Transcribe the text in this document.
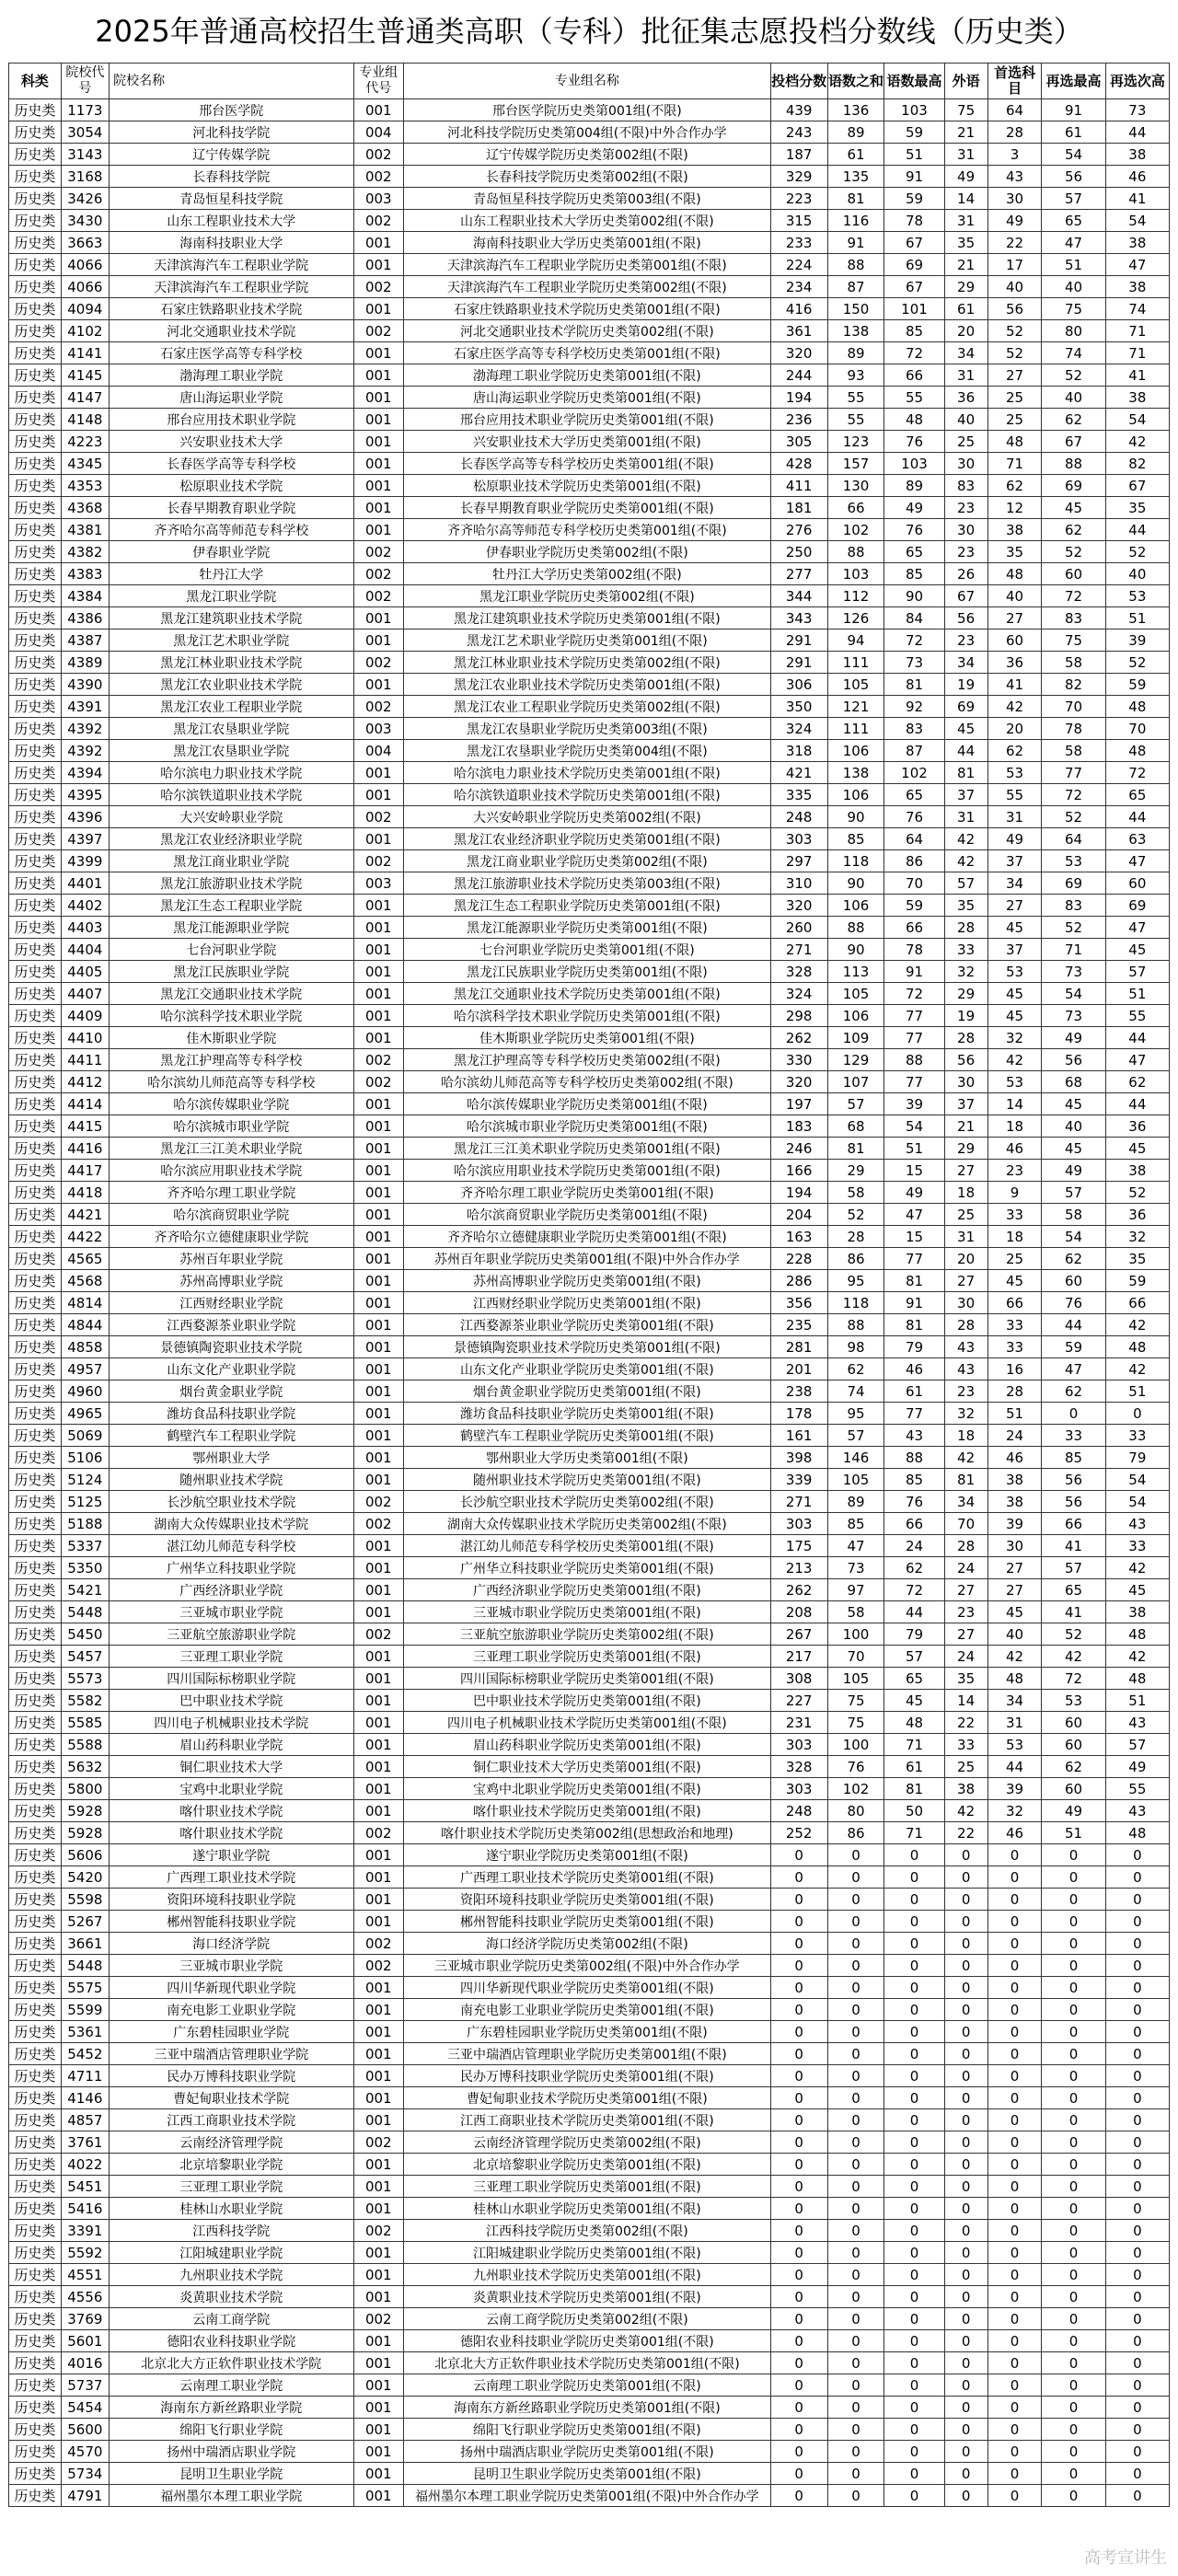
2025年普通高校招生普通类高职（专科）批征集志愿投档分数线（历史类）
科类	院校代号	院校名称	专业组代号	专业组名称	投档分数	语数之和	语数最高	外语	首选科目	再选最高	再选次高
历史类	1173	邢台医学院	001	邢台医学院历史类第001组(不限)	439	136	103	75	64	91	73
历史类	3054	河北科技学院	004	河北科技学院历史类第004组(不限)中外合作办学	243	89	59	21	28	61	44
历史类	3143	辽宁传媒学院	002	辽宁传媒学院历史类第002组(不限)	187	61	51	31	3	54	38
历史类	3168	长春科技学院	002	长春科技学院历史类第002组(不限)	329	135	91	49	43	56	46
历史类	3426	青岛恒星科技学院	003	青岛恒星科技学院历史类第003组(不限)	223	81	59	14	30	57	41
历史类	3430	山东工程职业技术大学	002	山东工程职业技术大学历史类第002组(不限)	315	116	78	31	49	65	54
历史类	3663	海南科技职业大学	001	海南科技职业大学历史类第001组(不限)	233	91	67	35	22	47	38
历史类	4066	天津滨海汽车工程职业学院	001	天津滨海汽车工程职业学院历史类第001组(不限)	224	88	69	21	17	51	47
历史类	4066	天津滨海汽车工程职业学院	002	天津滨海汽车工程职业学院历史类第002组(不限)	234	87	67	29	40	40	38
历史类	4094	石家庄铁路职业技术学院	001	石家庄铁路职业技术学院历史类第001组(不限)	416	150	101	61	56	75	74
历史类	4102	河北交通职业技术学院	002	河北交通职业技术学院历史类第002组(不限)	361	138	85	20	52	80	71
历史类	4141	石家庄医学高等专科学校	001	石家庄医学高等专科学校历史类第001组(不限)	320	89	72	34	52	74	71
历史类	4145	渤海理工职业学院	001	渤海理工职业学院历史类第001组(不限)	244	93	66	31	27	52	41
历史类	4147	唐山海运职业学院	001	唐山海运职业学院历史类第001组(不限)	194	55	55	36	25	40	38
历史类	4148	邢台应用技术职业学院	001	邢台应用技术职业学院历史类第001组(不限)	236	55	48	40	25	62	54
历史类	4223	兴安职业技术大学	001	兴安职业技术大学历史类第001组(不限)	305	123	76	25	48	67	42
历史类	4345	长春医学高等专科学校	001	长春医学高等专科学校历史类第001组(不限)	428	157	103	30	71	88	82
历史类	4353	松原职业技术学院	001	松原职业技术学院历史类第001组(不限)	411	130	89	83	62	69	67
历史类	4368	长春早期教育职业学院	001	长春早期教育职业学院历史类第001组(不限)	181	66	49	23	12	45	35
历史类	4381	齐齐哈尔高等师范专科学校	001	齐齐哈尔高等师范专科学校历史类第001组(不限)	276	102	76	30	38	62	44
历史类	4382	伊春职业学院	002	伊春职业学院历史类第002组(不限)	250	88	65	23	35	52	52
历史类	4383	牡丹江大学	002	牡丹江大学历史类第002组(不限)	277	103	85	26	48	60	40
历史类	4384	黑龙江职业学院	002	黑龙江职业学院历史类第002组(不限)	344	112	90	67	40	72	53
历史类	4386	黑龙江建筑职业技术学院	001	黑龙江建筑职业技术学院历史类第001组(不限)	343	126	84	56	27	83	51
历史类	4387	黑龙江艺术职业学院	001	黑龙江艺术职业学院历史类第001组(不限)	291	94	72	23	60	75	39
历史类	4389	黑龙江林业职业技术学院	002	黑龙江林业职业技术学院历史类第002组(不限)	291	111	73	34	36	58	52
历史类	4390	黑龙江农业职业技术学院	001	黑龙江农业职业技术学院历史类第001组(不限)	306	105	81	19	41	82	59
历史类	4391	黑龙江农业工程职业学院	002	黑龙江农业工程职业学院历史类第002组(不限)	350	121	92	69	42	70	48
历史类	4392	黑龙江农垦职业学院	003	黑龙江农垦职业学院历史类第003组(不限)	324	111	83	45	20	78	70
历史类	4392	黑龙江农垦职业学院	004	黑龙江农垦职业学院历史类第004组(不限)	318	106	87	44	62	58	48
历史类	4394	哈尔滨电力职业技术学院	001	哈尔滨电力职业技术学院历史类第001组(不限)	421	138	102	81	53	77	72
历史类	4395	哈尔滨铁道职业技术学院	001	哈尔滨铁道职业技术学院历史类第001组(不限)	335	106	65	37	55	72	65
历史类	4396	大兴安岭职业学院	002	大兴安岭职业学院历史类第002组(不限)	248	90	76	31	31	52	44
历史类	4397	黑龙江农业经济职业学院	001	黑龙江农业经济职业学院历史类第001组(不限)	303	85	64	42	49	64	63
历史类	4399	黑龙江商业职业学院	002	黑龙江商业职业学院历史类第002组(不限)	297	118	86	42	37	53	47
历史类	4401	黑龙江旅游职业技术学院	003	黑龙江旅游职业技术学院历史类第003组(不限)	310	90	70	57	34	69	60
历史类	4402	黑龙江生态工程职业学院	001	黑龙江生态工程职业学院历史类第001组(不限)	320	106	59	35	27	83	69
历史类	4403	黑龙江能源职业学院	001	黑龙江能源职业学院历史类第001组(不限)	260	88	66	28	45	52	47
历史类	4404	七台河职业学院	001	七台河职业学院历史类第001组(不限)	271	90	78	33	37	71	45
历史类	4405	黑龙江民族职业学院	001	黑龙江民族职业学院历史类第001组(不限)	328	113	91	32	53	73	57
历史类	4407	黑龙江交通职业技术学院	001	黑龙江交通职业技术学院历史类第001组(不限)	324	105	72	29	45	54	51
历史类	4409	哈尔滨科学技术职业学院	001	哈尔滨科学技术职业学院历史类第001组(不限)	298	106	77	19	45	73	55
历史类	4410	佳木斯职业学院	001	佳木斯职业学院历史类第001组(不限)	262	109	77	28	32	49	44
历史类	4411	黑龙江护理高等专科学校	002	黑龙江护理高等专科学校历史类第002组(不限)	330	129	88	56	42	56	47
历史类	4412	哈尔滨幼儿师范高等专科学校	002	哈尔滨幼儿师范高等专科学校历史类第002组(不限)	320	107	77	30	53	68	62
历史类	4414	哈尔滨传媒职业学院	001	哈尔滨传媒职业学院历史类第001组(不限)	197	57	39	37	14	45	44
历史类	4415	哈尔滨城市职业学院	001	哈尔滨城市职业学院历史类第001组(不限)	183	68	54	21	18	40	36
历史类	4416	黑龙江三江美术职业学院	001	黑龙江三江美术职业学院历史类第001组(不限)	246	81	51	29	46	45	45
历史类	4417	哈尔滨应用职业技术学院	001	哈尔滨应用职业技术学院历史类第001组(不限)	166	29	15	27	23	49	38
历史类	4418	齐齐哈尔理工职业学院	001	齐齐哈尔理工职业学院历史类第001组(不限)	194	58	49	18	9	57	52
历史类	4421	哈尔滨商贸职业学院	001	哈尔滨商贸职业学院历史类第001组(不限)	204	52	47	25	33	58	36
历史类	4422	齐齐哈尔立德健康职业学院	001	齐齐哈尔立德健康职业学院历史类第001组(不限)	163	28	15	31	18	54	32
历史类	4565	苏州百年职业学院	001	苏州百年职业学院历史类第001组(不限)中外合作办学	228	86	77	20	25	62	35
历史类	4568	苏州高博职业学院	001	苏州高博职业学院历史类第001组(不限)	286	95	81	27	45	60	59
历史类	4814	江西财经职业学院	001	江西财经职业学院历史类第001组(不限)	356	118	91	30	66	76	66
历史类	4844	江西婺源茶业职业学院	001	江西婺源茶业职业学院历史类第001组(不限)	235	88	81	28	33	44	42
历史类	4858	景德镇陶瓷职业技术学院	001	景德镇陶瓷职业技术学院历史类第001组(不限)	281	98	79	43	33	59	48
历史类	4957	山东文化产业职业学院	001	山东文化产业职业学院历史类第001组(不限)	201	62	46	43	16	47	42
历史类	4960	烟台黄金职业学院	001	烟台黄金职业学院历史类第001组(不限)	238	74	61	23	28	62	51
历史类	4965	潍坊食品科技职业学院	001	潍坊食品科技职业学院历史类第001组(不限)	178	95	77	32	51	0	0
历史类	5069	鹤壁汽车工程职业学院	001	鹤壁汽车工程职业学院历史类第001组(不限)	161	57	43	18	24	33	33
历史类	5106	鄂州职业大学	001	鄂州职业大学历史类第001组(不限)	398	146	88	42	46	85	79
历史类	5124	随州职业技术学院	001	随州职业技术学院历史类第001组(不限)	339	105	85	81	38	56	54
历史类	5125	长沙航空职业技术学院	002	长沙航空职业技术学院历史类第002组(不限)	271	89	76	34	38	56	54
历史类	5188	湖南大众传媒职业技术学院	002	湖南大众传媒职业技术学院历史类第002组(不限)	303	85	66	70	39	66	43
历史类	5337	湛江幼儿师范专科学校	001	湛江幼儿师范专科学校历史类第001组(不限)	175	47	24	28	30	41	33
历史类	5350	广州华立科技职业学院	001	广州华立科技职业学院历史类第001组(不限)	213	73	62	24	27	57	42
历史类	5421	广西经济职业学院	001	广西经济职业学院历史类第001组(不限)	262	97	72	27	27	65	45
历史类	5448	三亚城市职业学院	001	三亚城市职业学院历史类第001组(不限)	208	58	44	23	45	41	38
历史类	5450	三亚航空旅游职业学院	002	三亚航空旅游职业学院历史类第002组(不限)	267	100	79	27	40	52	48
历史类	5457	三亚理工职业学院	001	三亚理工职业学院历史类第001组(不限)	217	70	57	24	42	42	42
历史类	5573	四川国际标榜职业学院	001	四川国际标榜职业学院历史类第001组(不限)	308	105	65	35	48	72	48
历史类	5582	巴中职业技术学院	001	巴中职业技术学院历史类第001组(不限)	227	75	45	14	34	53	51
历史类	5585	四川电子机械职业技术学院	001	四川电子机械职业技术学院历史类第001组(不限)	231	75	48	22	31	60	43
历史类	5588	眉山药科职业学院	001	眉山药科职业学院历史类第001组(不限)	303	100	71	33	53	60	57
历史类	5632	铜仁职业技术大学	001	铜仁职业技术大学历史类第001组(不限)	328	76	61	25	44	62	49
历史类	5800	宝鸡中北职业学院	001	宝鸡中北职业学院历史类第001组(不限)	303	102	81	38	39	60	55
历史类	5928	喀什职业技术学院	001	喀什职业技术学院历史类第001组(不限)	248	80	50	42	32	49	43
历史类	5928	喀什职业技术学院	002	喀什职业技术学院历史类第002组(思想政治和地理)	252	86	71	22	46	51	48
历史类	5606	遂宁职业学院	001	遂宁职业学院历史类第001组(不限)	0	0	0	0	0	0	0
历史类	5420	广西理工职业技术学院	001	广西理工职业技术学院历史类第001组(不限)	0	0	0	0	0	0	0
历史类	5598	资阳环境科技职业学院	001	资阳环境科技职业学院历史类第001组(不限)	0	0	0	0	0	0	0
历史类	5267	郴州智能科技职业学院	001	郴州智能科技职业学院历史类第001组(不限)	0	0	0	0	0	0	0
历史类	3661	海口经济学院	002	海口经济学院历史类第002组(不限)	0	0	0	0	0	0	0
历史类	5448	三亚城市职业学院	002	三亚城市职业学院历史类第002组(不限)中外合作办学	0	0	0	0	0	0	0
历史类	5575	四川华新现代职业学院	001	四川华新现代职业学院历史类第001组(不限)	0	0	0	0	0	0	0
历史类	5599	南充电影工业职业学院	001	南充电影工业职业学院历史类第001组(不限)	0	0	0	0	0	0	0
历史类	5361	广东碧桂园职业学院	001	广东碧桂园职业学院历史类第001组(不限)	0	0	0	0	0	0	0
历史类	5452	三亚中瑞酒店管理职业学院	001	三亚中瑞酒店管理职业学院历史类第001组(不限)	0	0	0	0	0	0	0
历史类	4711	民办万博科技职业学院	001	民办万博科技职业学院历史类第001组(不限)	0	0	0	0	0	0	0
历史类	4146	曹妃甸职业技术学院	001	曹妃甸职业技术学院历史类第001组(不限)	0	0	0	0	0	0	0
历史类	4857	江西工商职业技术学院	001	江西工商职业技术学院历史类第001组(不限)	0	0	0	0	0	0	0
历史类	3761	云南经济管理学院	002	云南经济管理学院历史类第002组(不限)	0	0	0	0	0	0	0
历史类	4022	北京培黎职业学院	001	北京培黎职业学院历史类第001组(不限)	0	0	0	0	0	0	0
历史类	5451	三亚理工职业学院	001	三亚理工职业学院历史类第001组(不限)	0	0	0	0	0	0	0
历史类	5416	桂林山水职业学院	001	桂林山水职业学院历史类第001组(不限)	0	0	0	0	0	0	0
历史类	3391	江西科技学院	002	江西科技学院历史类第002组(不限)	0	0	0	0	0	0	0
历史类	5592	江阳城建职业学院	001	江阳城建职业学院历史类第001组(不限)	0	0	0	0	0	0	0
历史类	4551	九州职业技术学院	001	九州职业技术学院历史类第001组(不限)	0	0	0	0	0	0	0
历史类	4556	炎黄职业技术学院	001	炎黄职业技术学院历史类第001组(不限)	0	0	0	0	0	0	0
历史类	3769	云南工商学院	002	云南工商学院历史类第002组(不限)	0	0	0	0	0	0	0
历史类	5601	德阳农业科技职业学院	001	德阳农业科技职业学院历史类第001组(不限)	0	0	0	0	0	0	0
历史类	4016	北京北大方正软件职业技术学院	001	北京北大方正软件职业技术学院历史类第001组(不限)	0	0	0	0	0	0	0
历史类	5737	云南理工职业学院	001	云南理工职业学院历史类第001组(不限)	0	0	0	0	0	0	0
历史类	5454	海南东方新丝路职业学院	001	海南东方新丝路职业学院历史类第001组(不限)	0	0	0	0	0	0	0
历史类	5600	绵阳飞行职业学院	001	绵阳飞行职业学院历史类第001组(不限)	0	0	0	0	0	0	0
历史类	4570	扬州中瑞酒店职业学院	001	扬州中瑞酒店职业学院历史类第001组(不限)	0	0	0	0	0	0	0
历史类	5734	昆明卫生职业学院	001	昆明卫生职业学院历史类第001组(不限)	0	0	0	0	0	0	0
历史类	4791	福州墨尔本理工职业学院	001	福州墨尔本理工职业学院历史类第001组(不限)中外合作办学	0	0	0	0	0	0	0
高考宣讲生
